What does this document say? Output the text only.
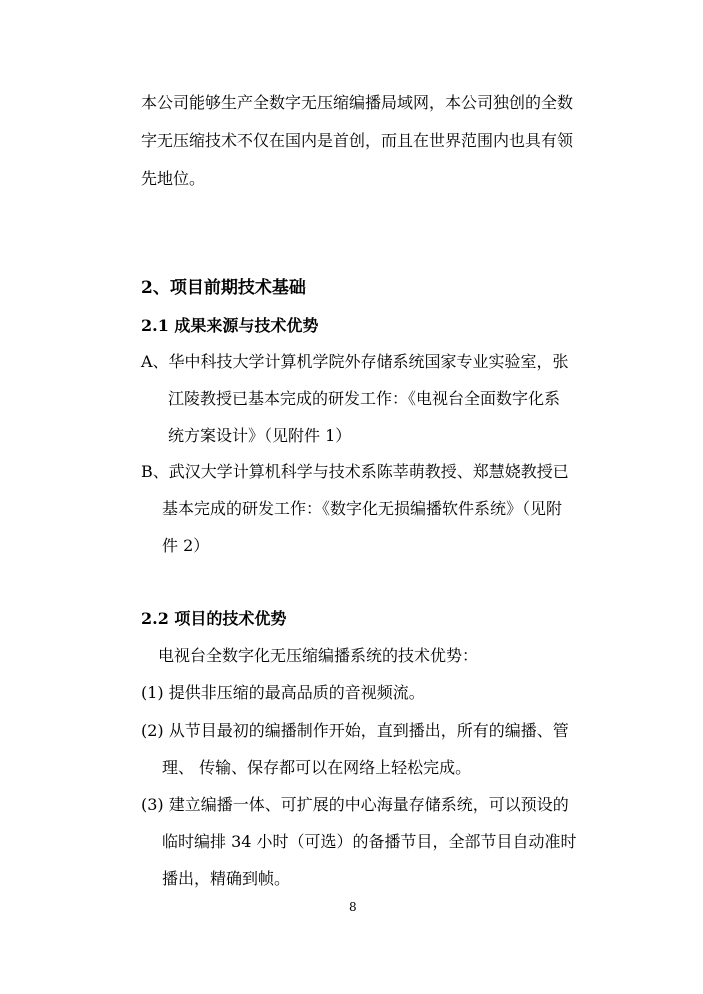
本公司能够生产全数字无压缩编播局域网，本公司独创的全数
字无压缩技术不仅在国内是首创，而且在世界范围内也具有领
先地位。
2、项目前期技术基础
2.1 成果来源与技术优势
A、华中科技大学计算机学院外存储系统国家专业实验室，张
江陵教授已基本完成的研发工作：《电视台全面数字化系
统方案设计》（见附件 1）
B、武汉大学计算机科学与技术系陈莘萌教授、郑慧娆教授已
基本完成的研发工作：《数字化无损编播软件系统》（见附
件 2）
2.2 项目的技术优势
电视台全数字化无压缩编播系统的技术优势：
(1) 提供非压缩的最高品质的音视频流。
(2) 从节目最初的编播制作开始，直到播出，所有的编播、管
理、 传输、保存都可以在网络上轻松完成。
(3) 建立编播一体、可扩展的中心海量存储系统，可以预设的
临时编排 34 小时（可选）的备播节目，全部节目自动准时
播出，精确到帧。
8
